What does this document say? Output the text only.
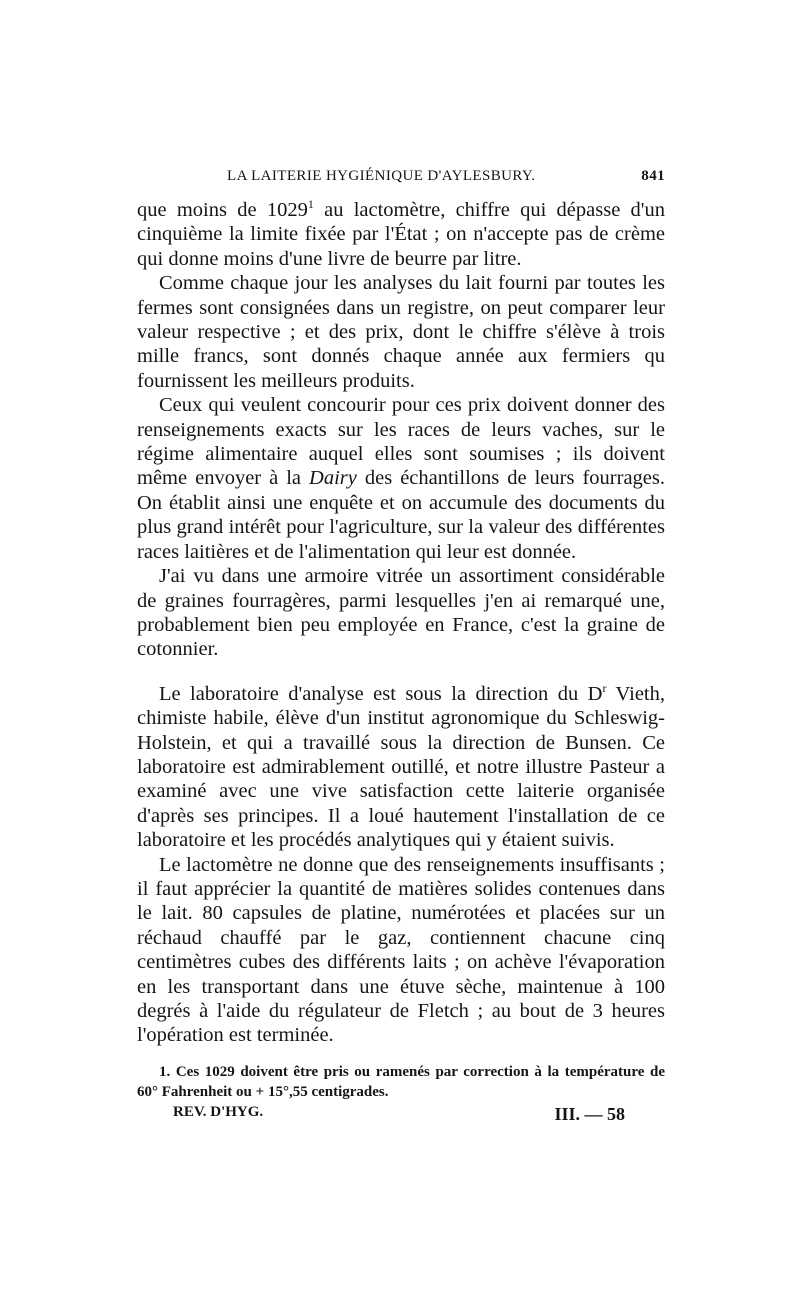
LA LAITERIE HYGIÉNIQUE D'AYLESBURY.	841

que moins de 1029$^1$ au lactomètre, chiffre qui dépasse d'un cinquième la limite fixée par l'État ; on n'accepte pas de crème qui donne moins d'une livre de beurre par litre.

Comme chaque jour les analyses du lait fourni par toutes les fermes sont consignées dans un registre, on peut comparer leur valeur respective ; et des prix, dont le chiffre s'élève à trois mille francs, sont donnés chaque année aux fermiers qu fournissent les meilleurs produits.

Ceux qui veulent concourir pour ces prix doivent donner des renseignements exacts sur les races de leurs vaches, sur le régime alimentaire auquel elles sont soumises ; ils doivent même envoyer à la Dairy des échantillons de leurs fourrages. On établit ainsi une enquête et on accumule des documents du plus grand intérêt pour l'agriculture, sur la valeur des différentes races laitières et de l'alimentation qui leur est donnée.

J'ai vu dans une armoire vitrée un assortiment considérable de graines fourragères, parmi lesquelles j'en ai remarqué une, probablement bien peu employée en France, c'est la graine de cotonnier.

Le laboratoire d'analyse est sous la direction du $D^r$ Vieth, chimiste habile, élève d'un institut agronomique du Schleswig-Holstein, et qui a travaillé sous la direction de Bunsen. Ce laboratoire est admirablement outillé, et notre illustre Pasteur a examiné avec une vive satisfaction cette laiterie organisée d'après ses principes. Il a loué hautement l'installation de ce laboratoire et les procédés analytiques qui y étaient suivis.

Le lactomètre ne donne que des renseignements insuffisants ; il faut apprécier la quantité de matières solides contenues dans le lait. 80 capsules de platine, numérotées et placées sur un réchaud chauffé par le gaz, contiennent chacune cinq centimètres cubes des différents laits ; on achève l'évaporation en les transportant dans une étuve sèche, maintenue à 100 degrés à l'aide du régulateur de Fletch ; au bout de 3 heures l'opération est terminée.

1. Ces 1029 doivent être pris ou ramenés par correction à la température de 60° Fahrenheit ou + 15°,55 centigrades.
REV. D'HYG.	III. — 58
